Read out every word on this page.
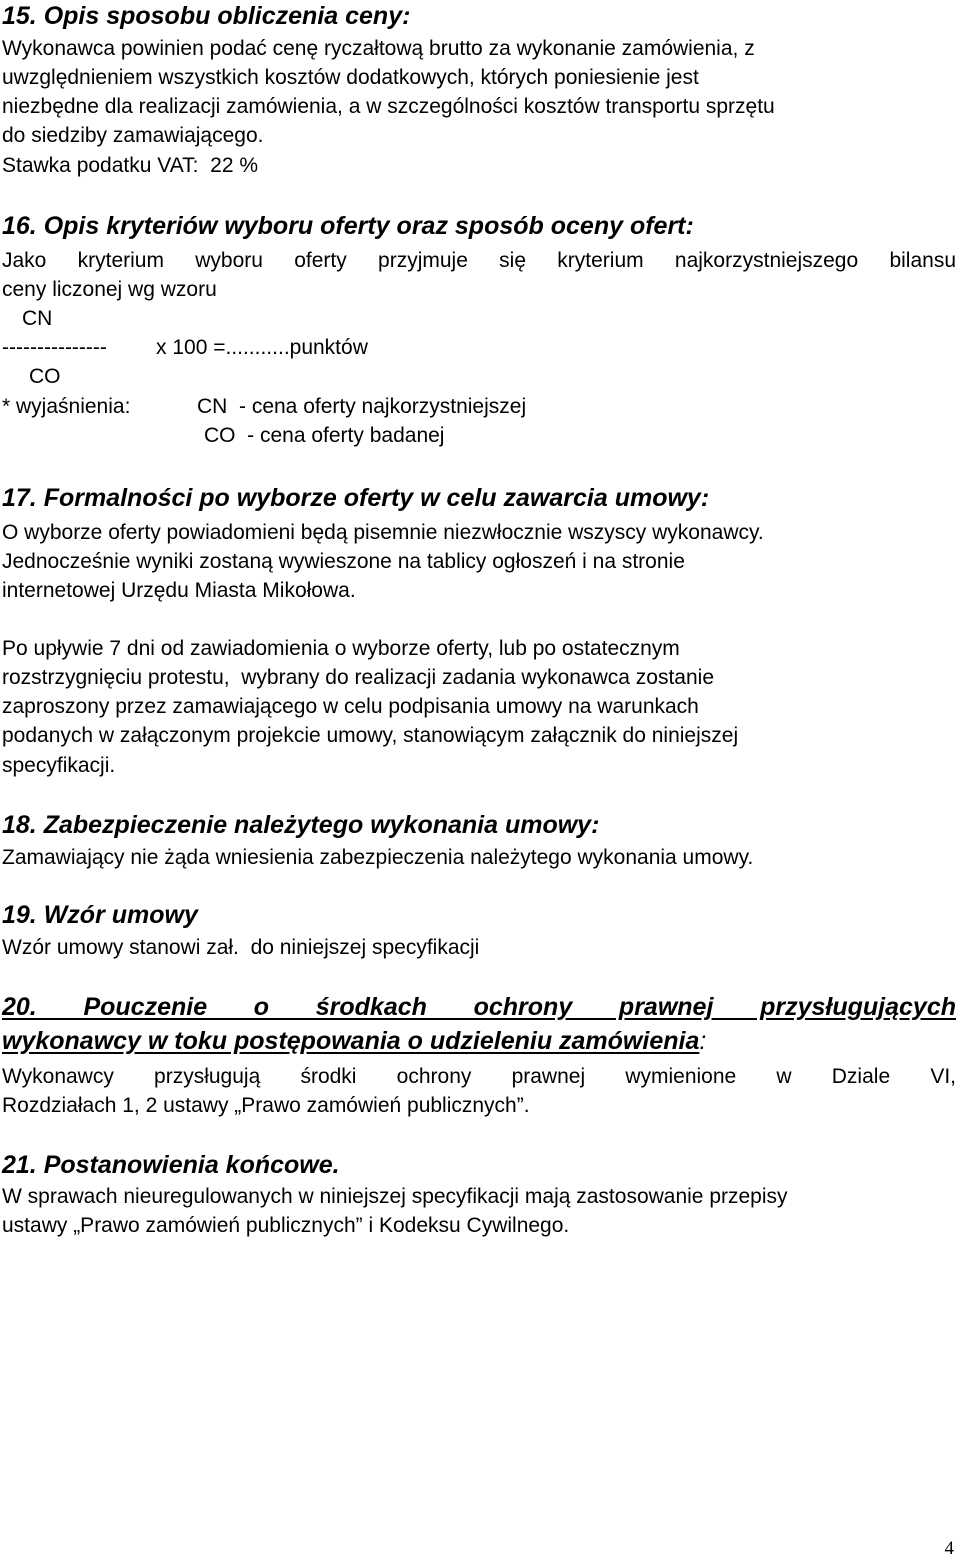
15. Opis sposobu obliczenia ceny:
Wykonawca powinien podać cenę ryczałtową brutto za wykonanie zamówienia, z
uwzględnieniem wszystkich kosztów dodatkowych, których poniesienie jest
niezbędne dla realizacji zamówienia, a w szczególności kosztów transportu sprzętu
do siedziby zamawiającego.
Stawka podatku VAT:  22 %
16. Opis kryteriów wyboru oferty oraz sposób oceny ofert:
Jako kryterium wyboru oferty przyjmuje się kryterium najkorzystniejszego bilansu
ceny liczonej wg wzoru
CN
--------------- x 100 =...........punktów
CO
* wyjaśnienia:	CN  - cena oferty najkorzystniejszej
CO  - cena oferty badanej
17. Formalności po wyborze oferty w celu zawarcia umowy:
O wyborze oferty powiadomieni będą pisemnie niezwłocznie wszyscy wykonawcy.
Jednocześnie wyniki zostaną wywieszone na tablicy ogłoszeń i na stronie
internetowej Urzędu Miasta Mikołowa.
Po upływie 7 dni od zawiadomienia o wyborze oferty, lub po ostatecznym
rozstrzygnięciu protestu,  wybrany do realizacji zadania wykonawca zostanie
zaproszony przez zamawiającego w celu podpisania umowy na warunkach
podanych w załączonym projekcie umowy, stanowiącym załącznik do niniejszej
specyfikacji.
18. Zabezpieczenie należytego wykonania umowy:
Zamawiający nie żąda wniesienia zabezpieczenia należytego wykonania umowy.
19. Wzór umowy
Wzór umowy stanowi zał.  do niniejszej specyfikacji
20. Pouczenie o środkach ochrony prawnej przysługujących
wykonawcy w toku postępowania o udzieleniu zamówienia:
Wykonawcy przysługują środki ochrony prawnej wymienione w Dziale VI,
Rozdziałach 1, 2 ustawy „Prawo zamówień publicznych”.
21. Postanowienia końcowe.
W sprawach nieuregulowanych w niniejszej specyfikacji mają zastosowanie przepisy
ustawy „Prawo zamówień publicznych” i Kodeksu Cywilnego.
4
